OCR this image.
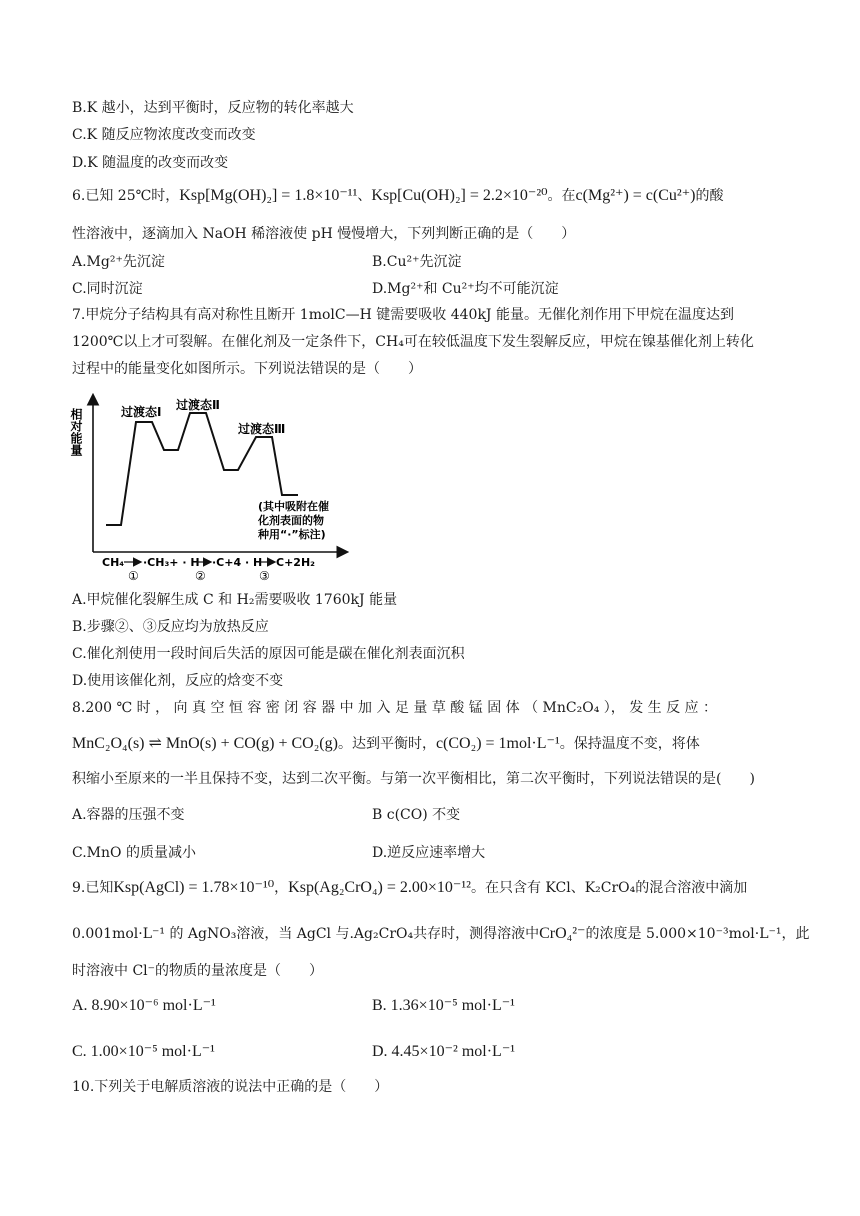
B.K 越小，达到平衡时，反应物的转化率越大
C.K 随反应物浓度改变而改变
D.K 随温度的改变而改变
6.已知 25℃时，Ksp[Mg(OH)₂] = 1.8×10⁻¹¹、Ksp[Cu(OH)₂] = 2.2×10⁻²⁰。在c(Mg²⁺) = c(Cu²⁺)的酸
性溶液中，逐滴加入 NaOH 稀溶液使 pH 慢慢增大，下列判断正确的是（　　）
A.Mg²⁺先沉淀	B.Cu²⁺先沉淀
C.同时沉淀	D.Mg²⁺和 Cu²⁺均不可能沉淀
7.甲烷分子结构具有高对称性且断开 1molC—H 键需要吸收 440kJ 能量。无催化剂作用下甲烷在温度达到
1200℃以上才可裂解。在催化剂及一定条件下，CH₄可在较低温度下发生裂解反应，甲烷在镍基催化剂上转化
过程中的能量变化如图所示。下列说法错误的是（　　）
相对能量	过渡态Ⅰ 过渡态Ⅱ
过渡态Ⅲ
(其中吸附在催
化剂表面的物
种用“·”标注)
CH₄
①
·CH₃+ · H
②
·C+4 · H
③
C+2H₂
A.甲烷催化裂解生成 C 和 H₂需要吸收 1760kJ 能量
B.步骤②、③反应均为放热反应
C.催化剂使用一段时间后失活的原因可能是碳在催化剂表面沉积
D.使用该催化剂，反应的焓变不变
8.200 ℃ 时 ， 向 真 空 恒 容 密 闭 容 器 中 加 入 足 量 草 酸 锰 固 体 （ MnC₂O₄ ）， 发 生 反 应 ：
MnC₂O₄(s) ⇌ MnO(s) + CO(g) + CO₂(g)。达到平衡时，c(CO₂) = 1mol·L⁻¹。保持温度不变，将体
积缩小至原来的一半且保持不变，达到二次平衡。与第一次平衡相比，第二次平衡时，下列说法错误的是(　　)
A.容器的压强不变	B c(CO) 不变
C.MnO 的质量减小	D.逆反应速率增大
9.已知Ksp(AgCl) = 1.78×10⁻¹⁰，Ksp(Ag₂CrO₄) = 2.00×10⁻¹²。在只含有 KCl、K₂CrO₄的混合溶液中滴加
0.001mol·L⁻¹ 的 AgNO₃溶液，当 AgCl 与.Ag₂CrO₄共存时，测得溶液中CrO₄²⁻的浓度是 5.000×10⁻³mol·L⁻¹，此
时溶液中 Cl⁻的物质的量浓度是（　　）
A. 8.90×10⁻⁶ mol·L⁻¹	B. 1.36×10⁻⁵ mol·L⁻¹
C. 1.00×10⁻⁵ mol·L⁻¹	D. 4.45×10⁻² mol·L⁻¹
10.下列关于电解质溶液的说法中正确的是（　　）
